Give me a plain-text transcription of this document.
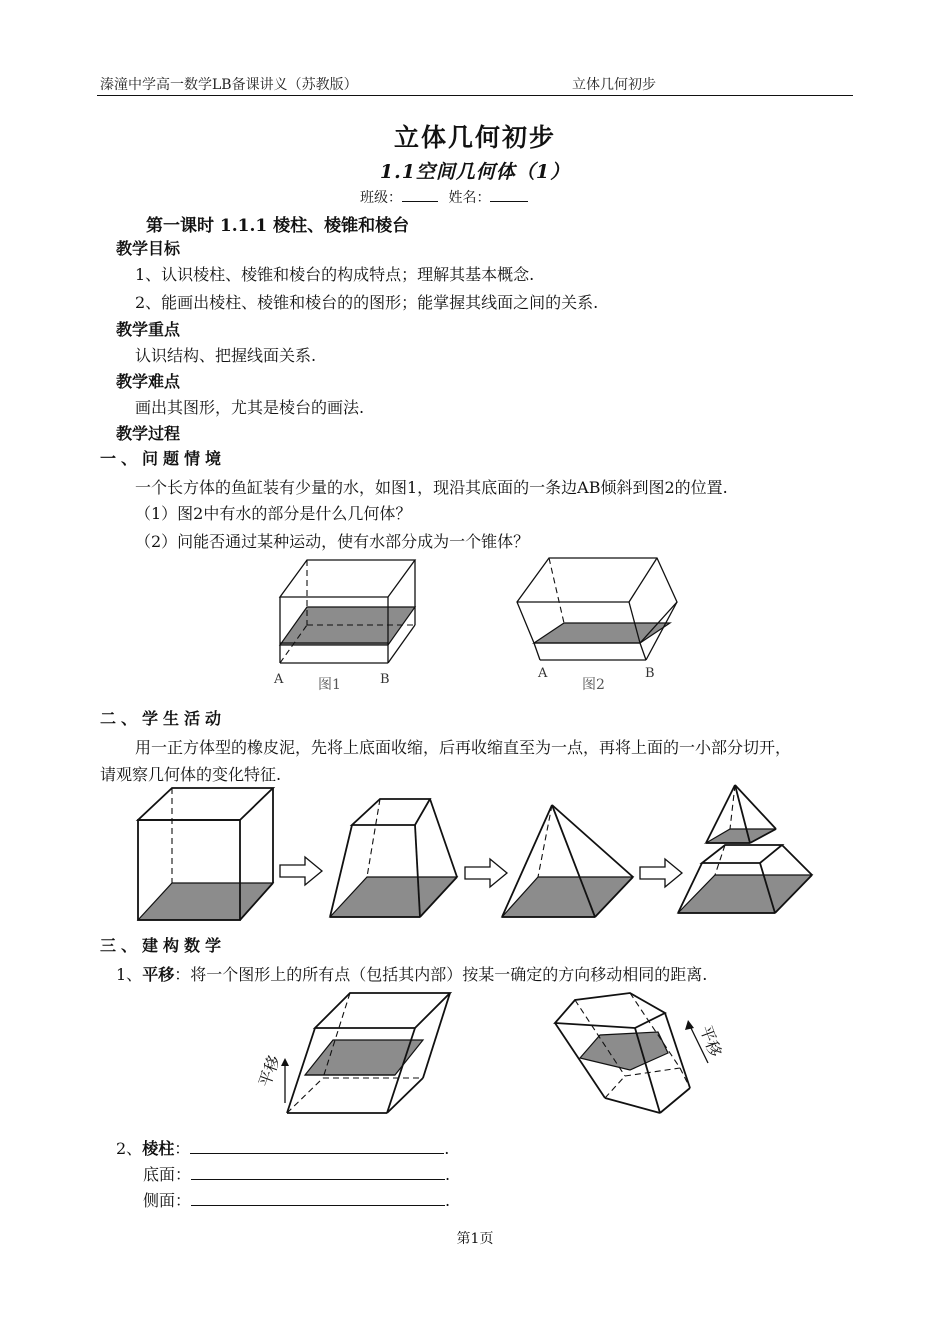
溱潼中学高一数学LB备课讲义（苏教版）	立体几何初步
立体几何初步
1.1空间几何体（1）
班级：	姓名：
第一课时 1.1.1 棱柱、棱锥和棱台
教学目标
1、认识棱柱、棱锥和棱台的构成特点；理解其基本概念.
2、能画出棱柱、棱锥和棱台的的图形；能掌握其线面之间的关系.
教学重点
认识结构、把握线面关系.
教学难点
画出其图形，尤其是棱台的画法.
教学过程
一、问题情境
一个长方体的鱼缸装有少量的水，如图1，现沿其底面的一条边AB倾斜到图2的位置.
（1）图2中有水的部分是什么几何体？
（2）问能否通过某种运动，使有水部分成为一个锥体？
A	B
图1
A	B
图2
二、学生活动
用一正方体型的橡皮泥，先将上底面收缩，后再收缩直至为一点，再将上面的一小部分切开，
请观察几何体的变化特征.
三、建构数学
1、平移：将一个图形上的所有点（包括其内部）按某一确定的方向移动相同的距离.
平移
平移
2、棱柱：	.
底面：	.
侧面：	.
第1页
